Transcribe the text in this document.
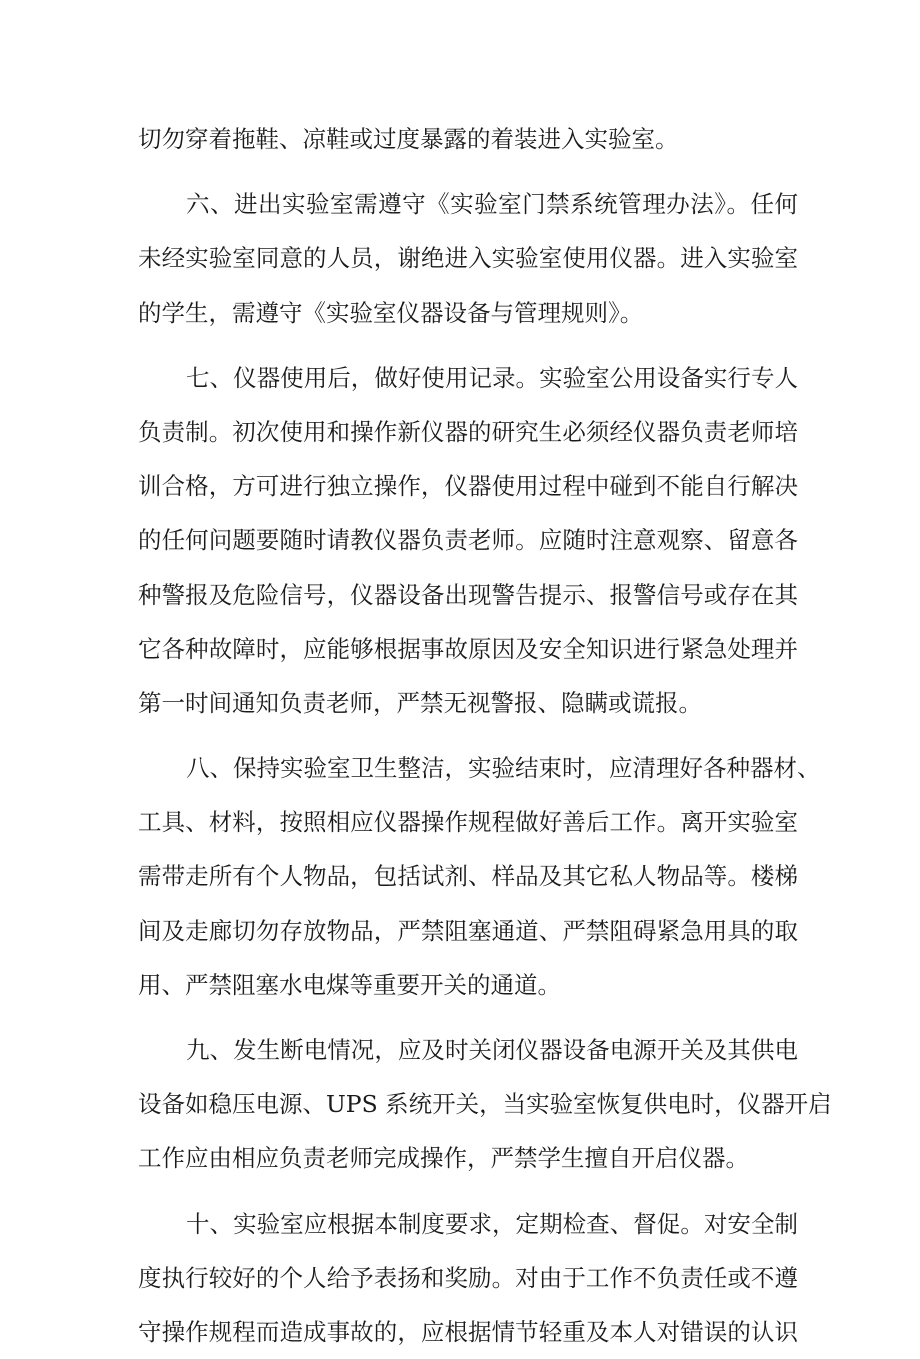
切勿穿着拖鞋、凉鞋或过度暴露的着装进入实验室。
六、进出实验室需遵守《实验室门禁系统管理办法》。任何
未经实验室同意的人员，谢绝进入实验室使用仪器。进入实验室
的学生，需遵守《实验室仪器设备与管理规则》。
七、仪器使用后，做好使用记录。实验室公用设备实行专人
负责制。初次使用和操作新仪器的研究生必须经仪器负责老师培
训合格，方可进行独立操作，仪器使用过程中碰到不能自行解决
的任何问题要随时请教仪器负责老师。应随时注意观察、留意各
种警报及危险信号，仪器设备出现警告提示、报警信号或存在其
它各种故障时，应能够根据事故原因及安全知识进行紧急处理并
第一时间通知负责老师，严禁无视警报、隐瞒或谎报。
八、保持实验室卫生整洁，实验结束时，应清理好各种器材、
工具、材料，按照相应仪器操作规程做好善后工作。离开实验室
需带走所有个人物品，包括试剂、样品及其它私人物品等。楼梯
间及走廊切勿存放物品，严禁阻塞通道、严禁阻碍紧急用具的取
用、严禁阻塞水电煤等重要开关的通道。
九、发生断电情况，应及时关闭仪器设备电源开关及其供电
设备如稳压电源、UPS 系统开关，当实验室恢复供电时，仪器开启
工作应由相应负责老师完成操作，严禁学生擅自开启仪器。
十、实验室应根据本制度要求，定期检查、督促。对安全制
度执行较好的个人给予表扬和奖励。对由于工作不负责任或不遵
守操作规程而造成事故的，应根据情节轻重及本人对错误的认识
